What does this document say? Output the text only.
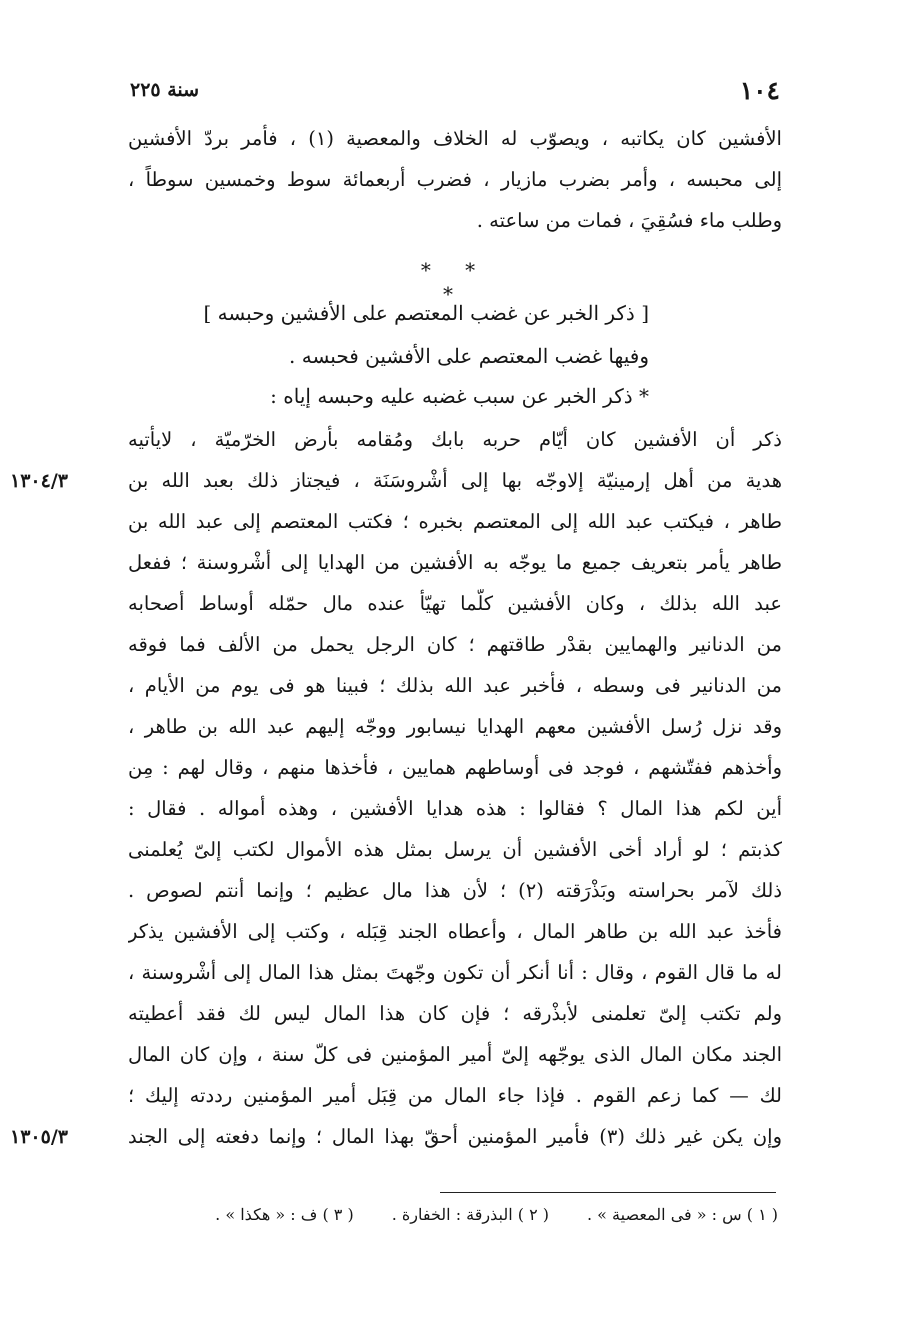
١٠٤
سنة ٢٢٥
الأفشين كان يكاتبه ، ويصوّب له الخلاف والمعصية (١) ، فأمر بردّ الأفشين
إلى محبسه ، وأمر بضرب مازيار ، فضرب أربعمائة سوط وخمسين سوطاً ،
وطلب ماء فسُقِيَ ، فمات من ساعته .
* * *
[ ذكر الخبر عن غضب المعتصم على الأفشين وحبسه ]
وفيها غضب المعتصم على الأفشين فحبسه .
* ذكر الخبر عن سبب غضبه عليه وحبسه إياه :
ذكر أن الأفشين كان أيّام حربه بابك ومُقامه بأرض الخرّميّة ، لايأتيه
هدية من أهل إرمينيّة إلاوجّه بها إلى أشْروسَنَة ، فيجتاز ذلك بعبد الله بن
طاهر ، فيكتب عبد الله إلى المعتصم بخبره ؛ فكتب المعتصم إلى عبد الله بن
طاهر يأمر بتعريف جميع ما يوجّه به الأفشين من الهدايا إلى أشْروسنة ؛ ففعل
عبد الله بذلك ، وكان الأفشين كلّما تهيّأ عنده مال حمّله أوساط أصحابه
من الدنانير والهمايين بقدْر طاقتهم ؛ كان الرجل يحمل من الألف فما فوقه
من الدنانير فى وسطه ، فأخبر عبد الله بذلك ؛ فبينا هو فى يوم من الأيام ،
وقد نزل رُسل الأفشين معهم الهدايا نيسابور ووجّه إليهم عبد الله بن طاهر ،
وأخذهم ففتّشهم ، فوجد فى أوساطهم همايين ، فأخذها منهم ، وقال لهم : مِن
أين لكم هذا المال ؟ فقالوا : هذه هدايا الأفشين ، وهذه أمواله . فقال :
كذبتم ؛ لو أراد أخى الأفشين أن يرسل بمثل هذه الأموال لكتب إلىّ يُعلمنى
ذلك لآمر بحراسته وبَذْرَقته (٢) ؛ لأن هذا مال عظيم ؛ وإنما أنتم لصوص .
فأخذ عبد الله بن طاهر المال ، وأعطاه الجند قِبَله ، وكتب إلى الأفشين يذكر
له ما قال القوم ، وقال : أنا أنكر أن تكون وجّهتَ بمثل هذا المال إلى أشْروسنة ،
ولم تكتب إلىّ تعلمنى لأبذْرقه ؛ فإن كان هذا المال ليس لك فقد أعطيته
الجند مكان المال الذى يوجّهه إلىّ أمير المؤمنين فى كلّ سنة ، وإن كان المال
لك — كما زعم القوم . فإذا جاء المال من قِبَل أمير المؤمنين رددته إليك ؛
وإن يكن غير ذلك (٣) فأمير المؤمنين أحقّ بهذا المال ؛ وإنما دفعته إلى الجند
١٣٠٤/٣
١٣٠٥/٣
( ١ ) س : « فى المعصية » .
( ٢ ) البذرقة : الخفارة .
( ٣ ) ف : « هكذا » .
